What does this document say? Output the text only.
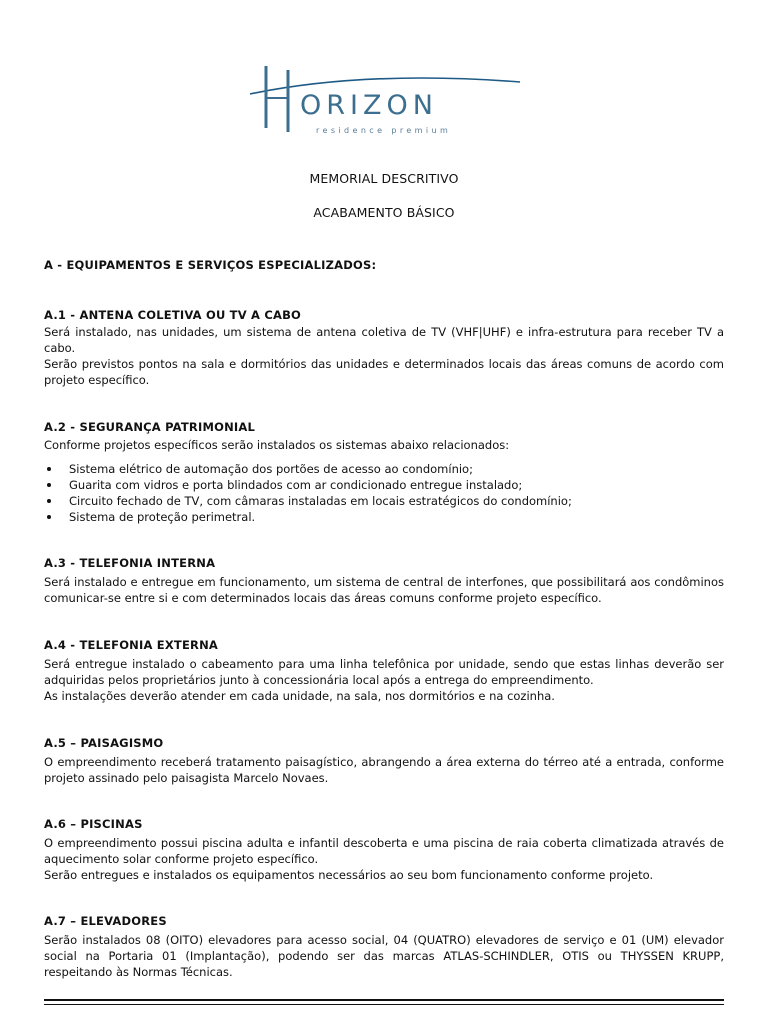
ORIZON
residence premium
MEMORIAL DESCRITIVO
ACABAMENTO BÁSICO
A - EQUIPAMENTOS E SERVIÇOS ESPECIALIZADOS:
A.1 - ANTENA COLETIVA OU TV A CABO

Será instalado, nas unidades, um sistema de antena coletiva de TV (VHF|UHF) e infra-estrutura para receber TV a cabo.

Serão previstos pontos na sala e dormitórios das unidades e determinados locais das áreas comuns de acordo com projeto específico.

A.2 - SEGURANÇA PATRIMONIAL

Conforme projetos específicos serão instalados os sistemas abaixo relacionados:

Sistema elétrico de automação dos portões de acesso ao condomínio;
Guarita com vidros e porta blindados com ar condicionado entregue instalado;
Circuito fechado de TV, com câmaras instaladas em locais estratégicos do condomínio;
Sistema de proteção perimetral.
A.3 - TELEFONIA INTERNA

Será instalado e entregue em funcionamento, um sistema de central de interfones, que possibilitará aos condôminos comunicar-se entre si e com determinados locais das áreas comuns conforme projeto específico.

A.4 - TELEFONIA EXTERNA

Será entregue instalado o cabeamento para uma linha telefônica por unidade, sendo que estas linhas deverão ser adquiridas pelos proprietários junto à concessionária local após a entrega do empreendimento.

As instalações deverão atender em cada unidade, na sala, nos dormitórios e na cozinha.

A.5 – PAISAGISMO

O empreendimento receberá tratamento paisagístico, abrangendo a área externa do térreo até a entrada, conforme projeto assinado pelo paisagista Marcelo Novaes.

A.6 – PISCINAS

O empreendimento possui piscina adulta e infantil descoberta e uma piscina de raia coberta climatizada através de aquecimento solar conforme projeto específico.

Serão entregues e instalados os equipamentos necessários ao seu bom funcionamento conforme projeto.

A.7 – ELEVADORES

Serão instalados 08 (OITO) elevadores para acesso social, 04 (QUATRO) elevadores de serviço e 01 (UM) elevador social na Portaria 01 (Implantação), podendo ser das marcas ATLAS-SCHINDLER, OTIS ou THYSSEN KRUPP, respeitando às Normas Técnicas.
